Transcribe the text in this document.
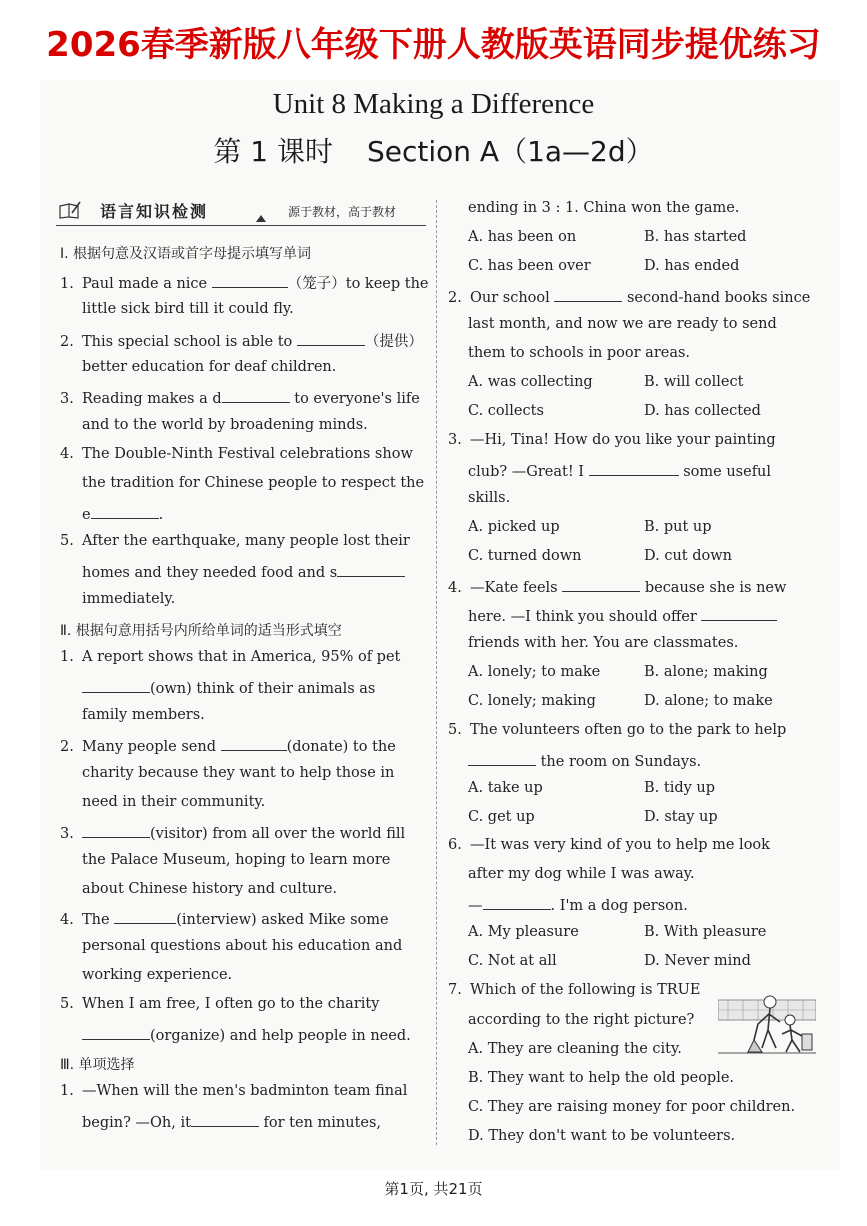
2026春季新版八年级下册人教版英语同步提优练习
Unit 8 Making a Difference
第 1 课时 Section A（1a—2d）
语言知识检测	源于教材，高于教材
Ⅰ. 根据句意及汉语或首字母提示填写单词
1. Paul made a nice	（笼子）to keep the
little sick bird till it could fly.
2. This special school is able to	（提供）
better education for deaf children.
3. Reading makes a d	to everyone's life
and to the world by broadening minds.
4. The Double-Ninth Festival celebrations show
the tradition for Chinese people to respect the
e	.
5. After the earthquake, many people lost their
homes and they needed food and s
immediately.
Ⅱ. 根据句意用括号内所给单词的适当形式填空
1. A report shows that in America, 95% of pet
(own) think of their animals as
family members.
2. Many people send	(donate) to the
charity because they want to help those in
need in their community.
3.	(visitor) from all over the world fill
the Palace Museum, hoping to learn more
about Chinese history and culture.
4. The	(interview) asked Mike some
personal questions about his education and
working experience.
5. When I am free, I often go to the charity
(organize) and help people in need.
Ⅲ. 单项选择
1. —When will the men's badminton team final
begin? —Oh, it	for ten minutes,
ending in 3 : 1. China won the game.
A. has been on	B. has started
C. has been over	D. has ended
2. Our school	second-hand books since
last month, and now we are ready to send
them to schools in poor areas.
A. was collecting	B. will collect
C. collects	D. has collected
3. —Hi, Tina! How do you like your painting
club? —Great! I	some useful
skills.
A. picked up	B. put up
C. turned down	D. cut down
4. —Kate feels	because she is new
here. —I think you should offer
friends with her. You are classmates.
A. lonely; to make	B. alone; making
C. lonely; making	D. alone; to make
5. The volunteers often go to the park to help
the room on Sundays.
A. take up	B. tidy up
C. get up	D. stay up
6. —It was very kind of you to help me look
after my dog while I was away.
—	. I'm a dog person.
A. My pleasure	B. With pleasure
C. Not at all	D. Never mind
7. Which of the following is TRUE
according to the right picture?
A. They are cleaning the city.
B. They want to help the old people.
C. They are raising money for poor children.
D. They don't want to be volunteers.
第1页, 共21页
